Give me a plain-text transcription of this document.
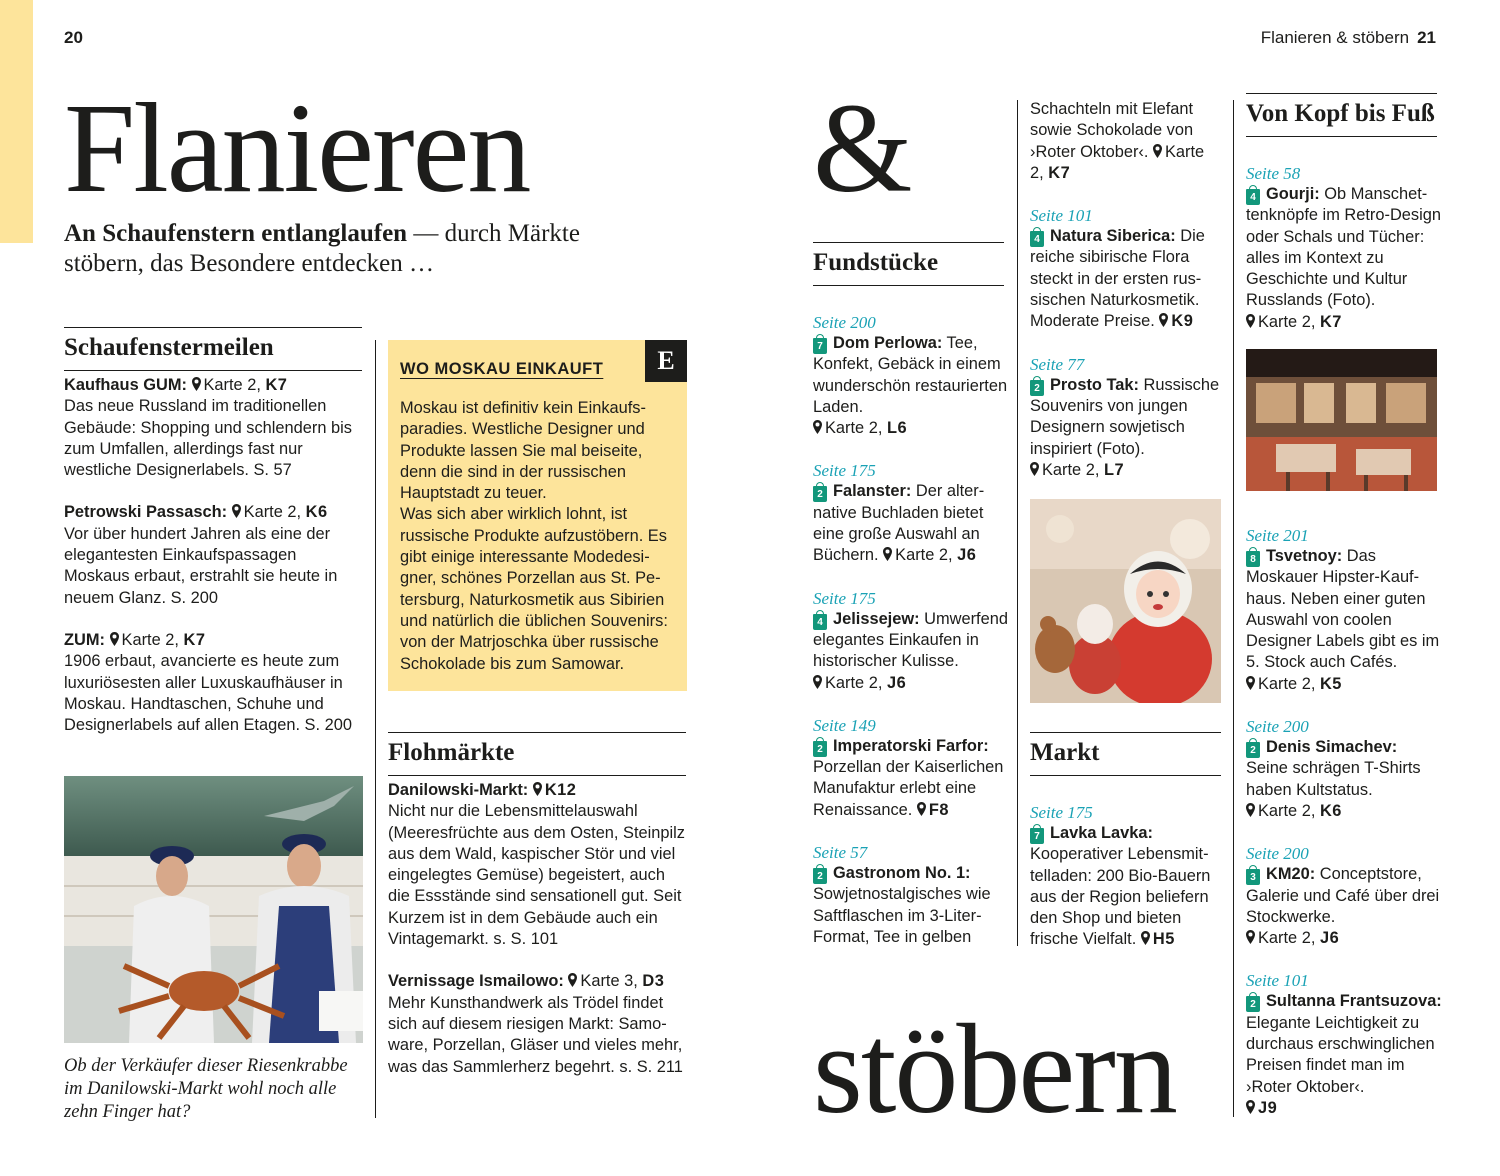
20	Flanieren & stöbern 21
Flanieren &
stöbern
An Schaufenstern entlanglaufen — durch Märkte stöbern, das Besondere entdecken …
Schaufenstermeilen
Kaufhaus GUM: Karte 2, K7
Das neue Russland im traditionellen Gebäude: Shopping und schlendern bis zum Umfallen, allerdings fast nur westliche Designerlabels. S. 57
Petrowski Passasch: Karte 2, K6
Vor über hundert Jahren als eine der elegantesten Einkaufspassagen Moskaus erbaut, erstrahlt sie heute in neuem Glanz. S. 200
ZUM: Karte 2, K7
1906 erbaut, avancierte es heute zum luxuriösesten aller Luxuskaufhäuser in Moskau. Handtaschen, Schuhe und Designerlabels auf allen Etagen. S. 200
Ob der Verkäufer dieser Riesenkrabbe im Danilowski-Markt wohl noch alle zehn Finger hat?
E
WO MOSKAU EINKAUFT
Moskau ist definitiv kein Einkaufsparadies. Westliche Designer und Produkte lassen Sie mal beiseite, denn die sind in der russischen Hauptstadt zu teuer.
Was sich aber wirklich lohnt, ist russische Produkte aufzustöbern. Es gibt einige interessante Modedesigner, schönes Porzellan aus St. Petersburg, Naturkosmetik aus Sibirien und natürlich die üblichen Souvenirs: von der Matrjoschka über russische Schokolade bis zum Samowar.
Flohmärkte
Danilowski-Markt: K12
Nicht nur die Lebensmittelauswahl (Meeresfrüchte aus dem Osten, Steinpilz aus dem Wald, kaspischer Stör und viel eingelegtes Gemüse) begeistert, auch die Essstände sind sensationell gut. Seit Kurzem ist in dem Gebäude auch ein Vintagemarkt. s. S. 101
Vernissage Ismailowo: Karte 3, D3
Mehr Kunsthandwerk als Trödel findet sich auf diesem riesigen Markt: Samoware, Porzellan, Gläser und vieles mehr, was das Sammlerherz begehrt. s. S. 211
Fundstücke
Seite 200
7 Dom Perlowa: Tee, Konfekt, Gebäck in einem wunderschön restaurierten Laden.

Karte 2, L6
Seite 175
2 Falanster: Der alternative Buchladen bietet eine große Auswahl an Büchern. Karte 2, J6
Seite 175
4 Jelissejew: Umwerfend elegantes Einkaufen in historischer Kulisse.

Karte 2, J6
Seite 149
2 Imperatorski Farfor: Porzellan der Kaiserlichen Manufaktur erlebt eine Renaissance. F8
Seite 57
2 Gastronom No. 1: Sowjetnostalgisches wie Saftflaschen im 3-Liter-Format, Tee in gelben
Schachteln mit Elefant sowie Schokolade von ›Roter Oktober‹. Karte 2, K7
Seite 101
4 Natura Siberica: Die reiche sibirische Flora steckt in der ersten russischen Naturkosmetik. Moderate Preise. K9
Seite 77
2 Prosto Tak: Russische Souvenirs von jungen Designern sowjetisch inspiriert (Foto).

Karte 2, L7
Markt
Seite 175
7 Lavka Lavka: Kooperativer Lebensmittelladen: 200 Bio-Bauern aus der Region beliefern den Shop und bieten frische Vielfalt. H5
Von Kopf bis Fuß
Seite 58
4 Gourji: Ob Manschettenknöpfe im Retro-Design oder Schals und Tücher: alles im Kontext zu Geschichte und Kultur Russlands (Foto).

Karte 2, K7
Seite 201
8 Tsvetnoy: Das Moskauer Hipster-Kaufhaus. Neben einer guten Auswahl von coolen Designer Labels gibt es im 5. Stock auch Cafés.

Karte 2, K5
Seite 200
2 Denis Simachev: Seine schrägen T-Shirts haben Kultstatus.

Karte 2, K6
Seite 200
3 KM20: Conceptstore, Galerie und Café über drei Stockwerke.

Karte 2, J6
Seite 101
2 Sultanna Frantsuzova: Elegante Leichtigkeit zu durchaus erschwinglichen Preisen findet man im ›Roter Oktober‹.

J9
